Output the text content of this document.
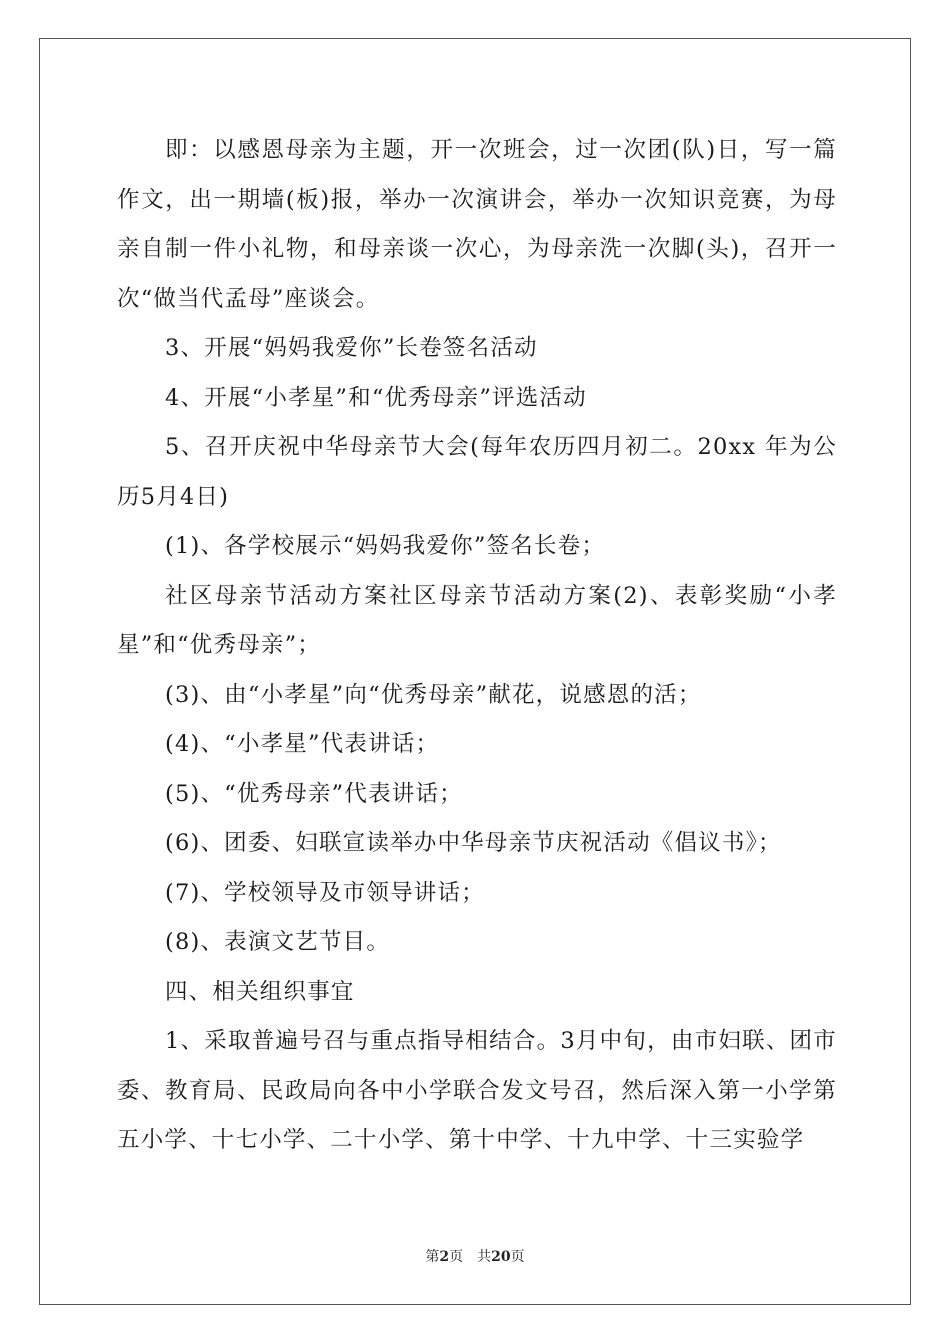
即：以感恩母亲为主题，开一次班会，过一次团(队)日，写一篇作文，出一期墙(板)报，举办一次演讲会，举办一次知识竞赛，为母亲自制一件小礼物，和母亲谈一次心，为母亲洗一次脚(头)，召开一次“做当代孟母”座谈会。

3、开展“妈妈我爱你”长卷签名活动

4、开展“小孝星”和“优秀母亲”评选活动

5、召开庆祝中华母亲节大会(每年农历四月初二。20xx 年为公历5月4日)

(1)、各学校展示“妈妈我爱你”签名长卷；

社区母亲节活动方案社区母亲节活动方案(2)、表彰奖励“小孝星”和“优秀母亲”；

(3)、由“小孝星”向“优秀母亲”献花，说感恩的活；

(4)、“小孝星”代表讲话；

(5)、“优秀母亲”代表讲话；

(6)、团委、妇联宣读举办中华母亲节庆祝活动《倡议书》；

(7)、学校领导及市领导讲话；

(8)、表演文艺节目。

四、相关组织事宜

1、采取普遍号召与重点指导相结合。3月中旬，由市妇联、团市委、教育局、民政局向各中小学联合发文号召，然后深入第一小学第五小学、十七小学、二十小学、第十中学、十九中学、十三实验学

第2页 共20页
